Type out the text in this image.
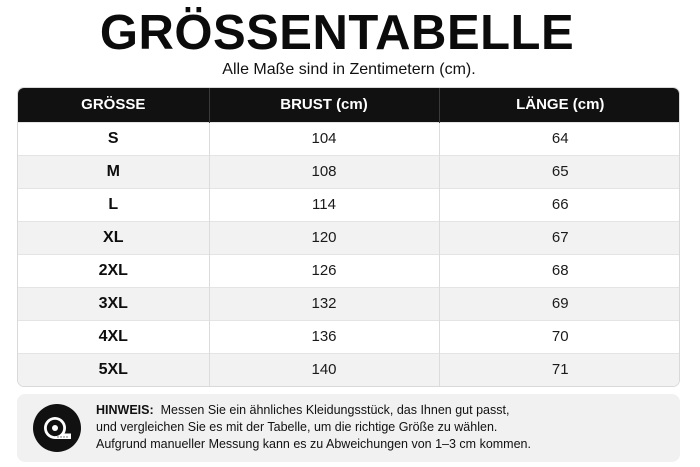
GRÖSSENTABELLE
Alle Maße sind in Zentimetern (cm).
GRÖSSE	BRUST (cm)	LÄNGE (cm)
S	104	64
M	108	65
L	114	66
XL	120	67
2XL	126	68
3XL	132	69
4XL	136	70
5XL	140	71
HINWEIS: Messen Sie ein ähnliches Kleidungsstück, das Ihnen gut passt,
und vergleichen Sie es mit der Tabelle, um die richtige Größe zu wählen.
Aufgrund manueller Messung kann es zu Abweichungen von 1–3 cm kommen.
